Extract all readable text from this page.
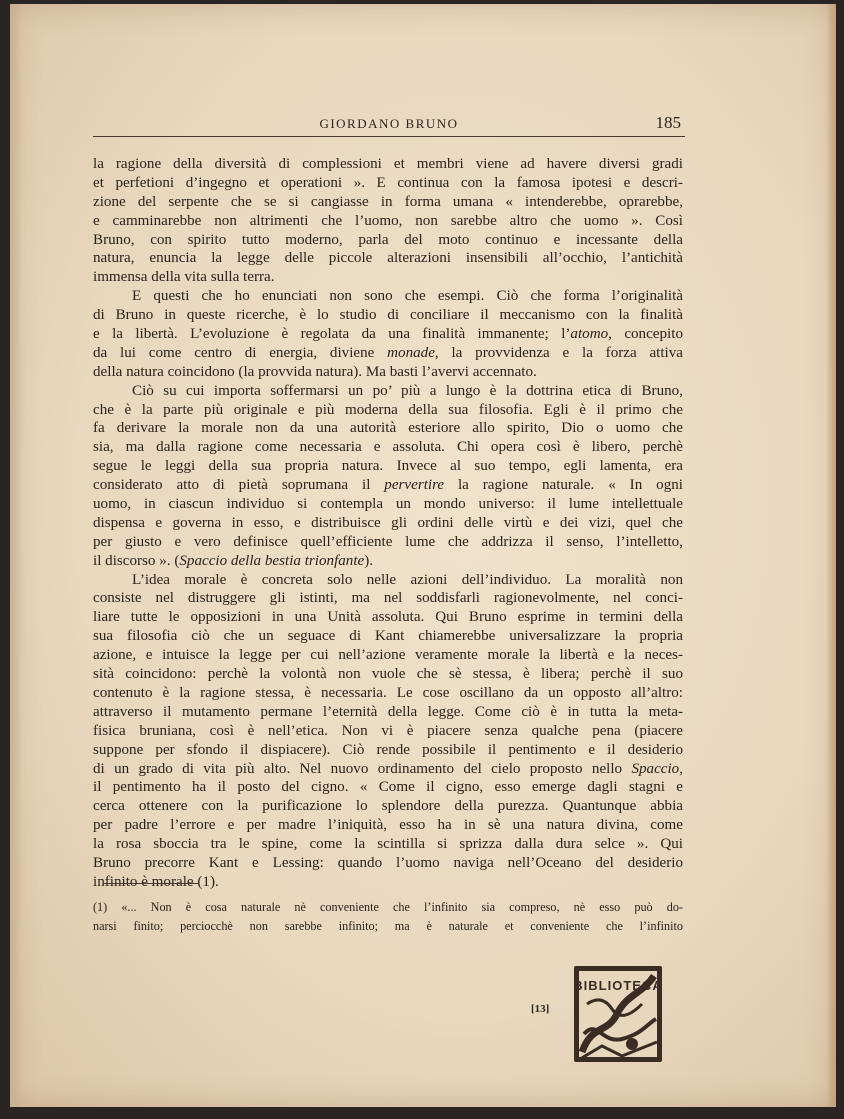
GIORDANO BRUNO	185
la ragione della diversità di complessioni et membri viene ad havere diversi gradi
et perfetioni d’ingegno et operationi ». E continua con la famosa ipotesi e descri-
zione del serpente che se si cangiasse in forma umana « intenderebbe, oprarebbe,
e camminarebbe non altrimenti che l’uomo, non sarebbe altro che uomo ». Così
Bruno, con spirito tutto moderno, parla del moto continuo e incessante della
natura, enuncia la legge delle piccole alterazioni insensibili all’occhio, l’antichità
immensa della vita sulla terra.
E questi che ho enunciati non sono che esempi. Ciò che forma l’originalità
di Bruno in queste ricerche, è lo studio di conciliare il meccanismo con la finalità
e la libertà. L’evoluzione è regolata da una finalità immanente; l’atomo, concepito
da lui come centro di energia, diviene monade, la provvidenza e la forza attiva
della natura coincidono (la provvida natura). Ma basti l’avervi accennato.
Ciò su cui importa soffermarsi un po’ più a lungo è la dottrina etica di Bruno,
che è la parte più originale e più moderna della sua filosofia. Egli è il primo che
fa derivare la morale non da una autorità esteriore allo spirito, Dio o uomo che
sia, ma dalla ragione come necessaria e assoluta. Chi opera così è libero, perchè
segue le leggi della sua propria natura. Invece al suo tempo, egli lamenta, era
considerato atto di pietà soprumana il pervertire la ragione naturale. « In ogni
uomo, in ciascun individuo si contempla un mondo universo: il lume intellettuale
dispensa e governa in esso, e distribuisce gli ordini delle virtù e dei vizi, quel che
per giusto e vero definisce quell’efficiente lume che addrizza il senso, l’intelletto,
il discorso ». (Spaccio della bestia trionfante).
L’idea morale è concreta solo nelle azioni dell’individuo. La moralità non
consiste nel distruggere gli istinti, ma nel soddisfarli ragionevolmente, nel conci-
liare tutte le opposizioni in una Unità assoluta. Qui Bruno esprime in termini della
sua filosofia ciò che un seguace di Kant chiamerebbe universalizzare la propria
azione, e intuisce la legge per cui nell’azione veramente morale la libertà e la neces-
sità coincidono: perchè la volontà non vuole che sè stessa, è libera; perchè il suo
contenuto è la ragione stessa, è necessaria. Le cose oscillano da un opposto all’altro:
attraverso il mutamento permane l’eternità della legge. Come ciò è in tutta la meta-
fisica bruniana, così è nell’etica. Non vi è piacere senza qualche pena (piacere
suppone per sfondo il dispiacere). Ciò rende possibile il pentimento e il desiderio
di un grado di vita più alto. Nel nuovo ordinamento del cielo proposto nello Spaccio,
il pentimento ha il posto del cigno. « Come il cigno, esso emerge dagli stagni e
cerca ottenere con la purificazione lo splendore della purezza. Quantunque abbia
per padre l’errore e per madre l’iniquità, esso ha in sè una natura divina, come
la rosa sboccia tra le spine, come la scintilla si sprizza dalla dura selce ». Qui
Bruno precorre Kant e Lessing: quando l’uomo naviga nell’Oceano del desiderio
infinito è morale (1).
(1) «... Non è cosa naturale nè conveniente che l’infinito sia compreso, nè esso può do-
narsi finito; perciocchè non sarebbe infinito; ma è naturale et conveniente che l’infinito
[13]
BIBLIOTECA
